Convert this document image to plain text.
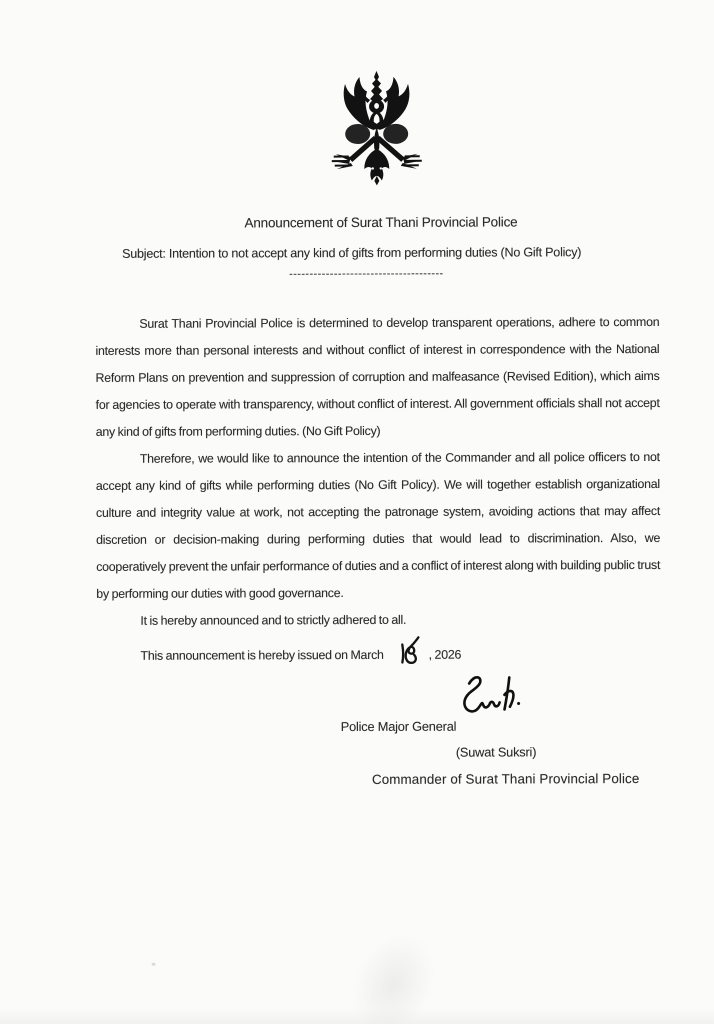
Announcement of Surat Thani Provincial Police
Subject: Intention to not accept any kind of gifts from performing duties (No Gift Policy)
--------------------------------------

Surat Thani Provincial Police is determined to develop transparent operations, adhere to common interests more than personal interests and without conflict of interest in correspondence with the National Reform Plans on prevention and suppression of corruption and malfeasance (Revised Edition), which aims for agencies to operate with transparency, without conflict of interest. All government officials shall not accept any kind of gifts from performing duties. (No Gift Policy)

Therefore, we would like to announce the intention of the Commander and all police officers to not accept any kind of gifts while performing duties (No Gift Policy). We will together establish organizational culture and integrity value at work, not accepting the patronage system, avoiding actions that may affect discretion or decision-making during performing duties that would lead to discrimination. Also, we cooperatively prevent the unfair performance of duties and a conflict of interest along with building public trust by performing our duties with good governance.

It is hereby announced and to strictly adhered to all.
This announcement is hereby issued on March	, 2026
Police Major General
(Suwat Suksri)
Commander of Surat Thani Provincial Police
